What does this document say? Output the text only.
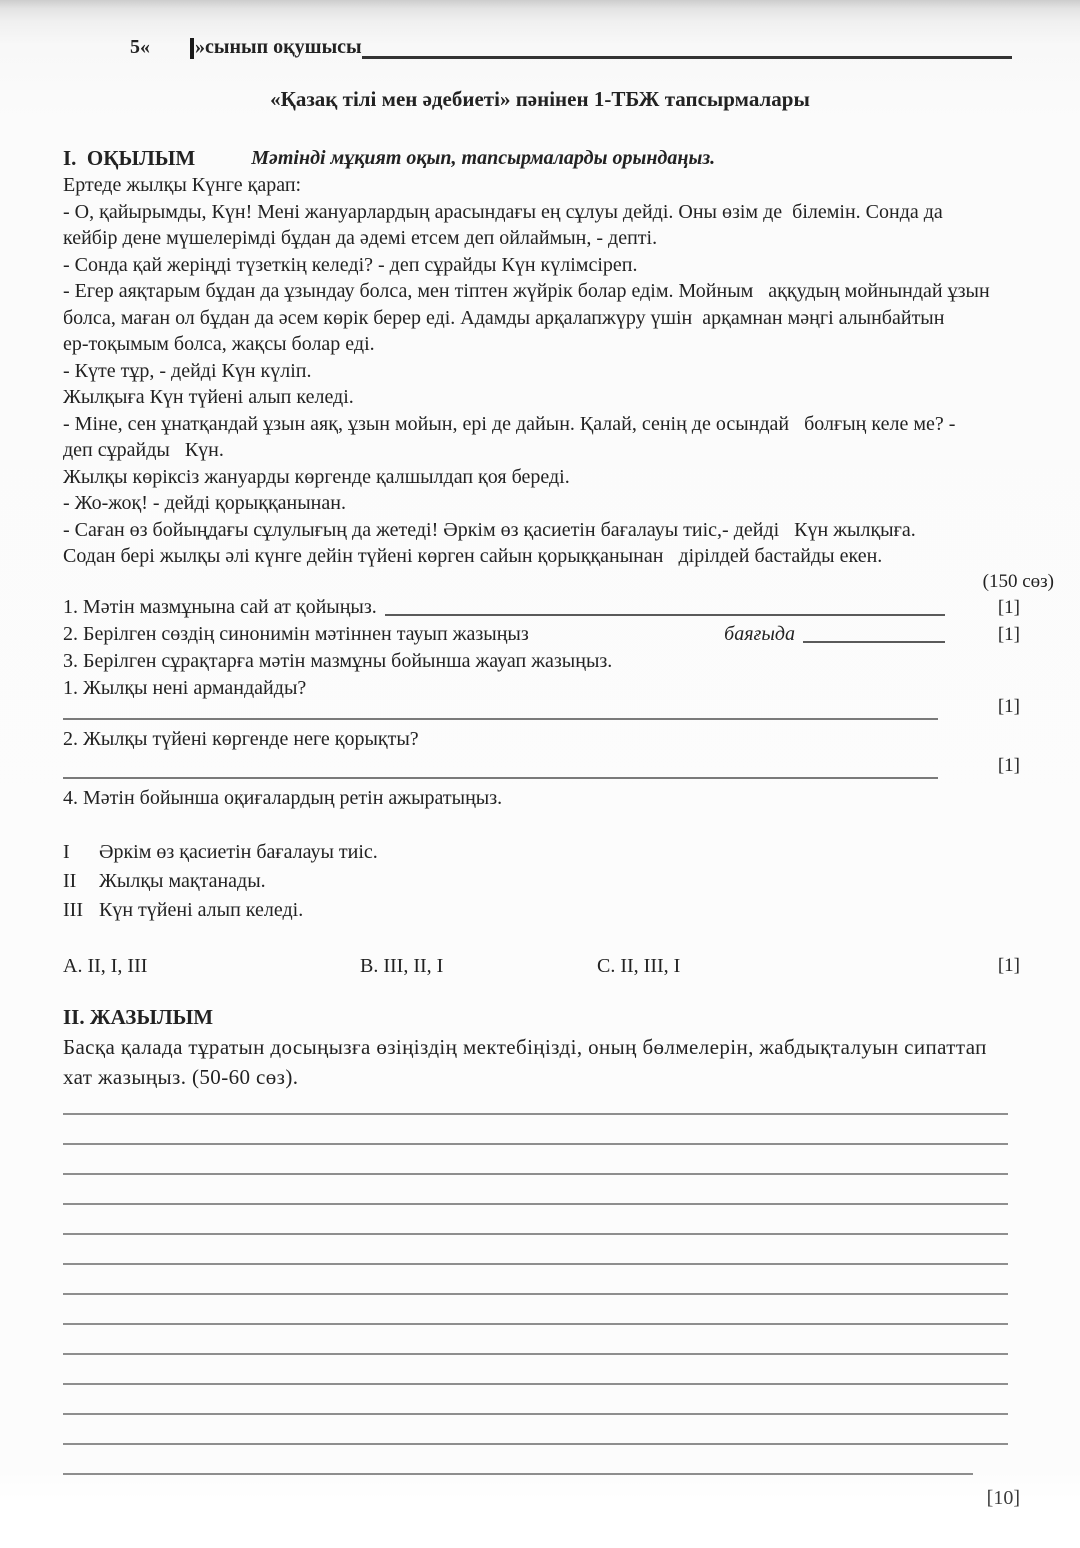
5« »сынып оқушысы
«Қазақ тілі мен әдебиеті» пәнінен 1-ТБЖ тапсырмалары
I.  ОҚЫЛЫМ	Мәтінді мұқият оқып, тапсырмаларды орындаңыз.
Ертеде жылқы Күнге қарап:
- О, қайырымды, Күн! Мені жануарлардың арасындағы ең сұлуы дейді. Оны өзім де  білемін. Сонда да
кейбір дене мүшелерімді бұдан да әдемі етсем деп ойлаймын, - депті.
- Сонда қай жеріңді түзеткің келеді? - деп сұрайды Күн күлімсіреп.
- Егер аяқтарым бұдан да ұзындау болса, мен тіптен жүйрік болар едім. Мойным   аққудың мойнындай ұзын
болса, маған ол бұдан да әсем көрік берер еді. Адамды арқалапжүру үшін  арқамнан мәңгі алынбайтын
ер-тоқымым болса, жақсы болар еді.
- Күте тұр, - дейді Күн күліп.
Жылқыға Күн түйені алып келеді.
- Міне, сен ұнатқандай ұзын аяқ, ұзын мойын, ері де дайын. Қалай, сенің де осындай   болғың келе ме? -
деп сұрайды   Күн.
Жылқы көріксіз жануарды көргенде қалшылдап қоя береді.
- Жо-жоқ! - дейді қорыққанынан.
- Саған өз бойыңдағы сұлулығың да жетеді! Әркім өз қасиетін бағалауы тиіс,- дейді   Күн жылқыға.
Содан бері жылқы әлі күнге дейін түйені көрген сайын қорыққанынан   дірілдей бастайды екен.
(150 сөз)
1. Мәтін мазмұнына сай ат қойыңыз.	[1]
2. Берілген сөздің синонимін мәтіннен тауып жазыңыз	баяғыда	[1]
3. Берілген сұрақтарға мәтін мазмұны бойынша жауап жазыңыз.
1. Жылқы нені армандайды?
[1]
2. Жылқы түйені көргенде неге қорықты?
[1]
4. Мәтін бойынша оқиғалардың ретін ажыратыңыз.
I	Әркім өз қасиетін бағалауы тиіс.
II	Жылқы мақтанады.
III Күн түйені алып келеді.
A. II, I, III	B. III, II, I	C. II, III, I	[1]
II. ЖАЗЫЛЫМ
Басқа қалада тұратын досыңызға өзіңіздің мектебіңізді, оның бөлмелерін, жабдықталуын сипаттап
хат жазыңыз. (50-60 сөз).
[10]
